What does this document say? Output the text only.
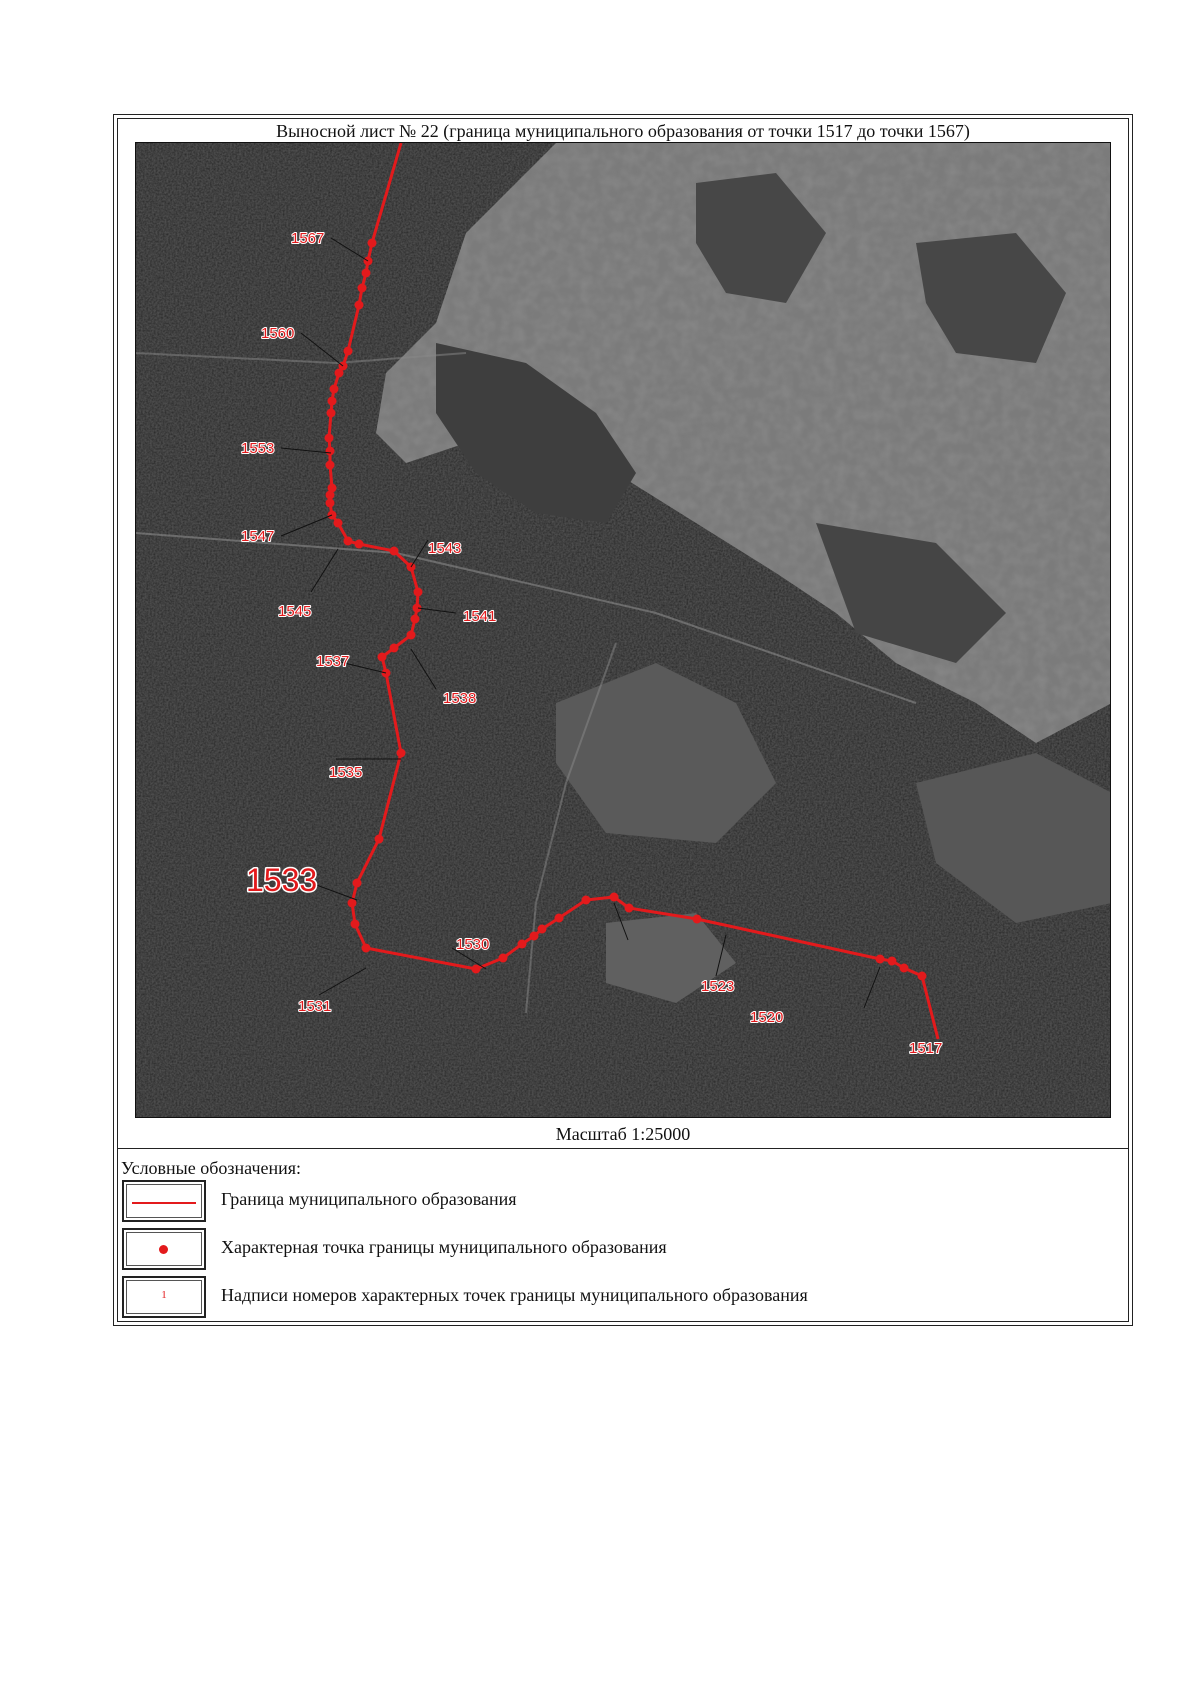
Выносной лист № 22 (граница муниципального образования от точки 1517 до точки 1567)
1567
1560
1553
1547
1543
1545	1541
1537
1538
1535
1533
1530
1523
1520
1531
1517
Масштаб 1:25000
Условные обозначения:
Граница муниципального образования
Характерная точка границы муниципального образования
1	Надписи номеров характерных точек границы муниципального образования
